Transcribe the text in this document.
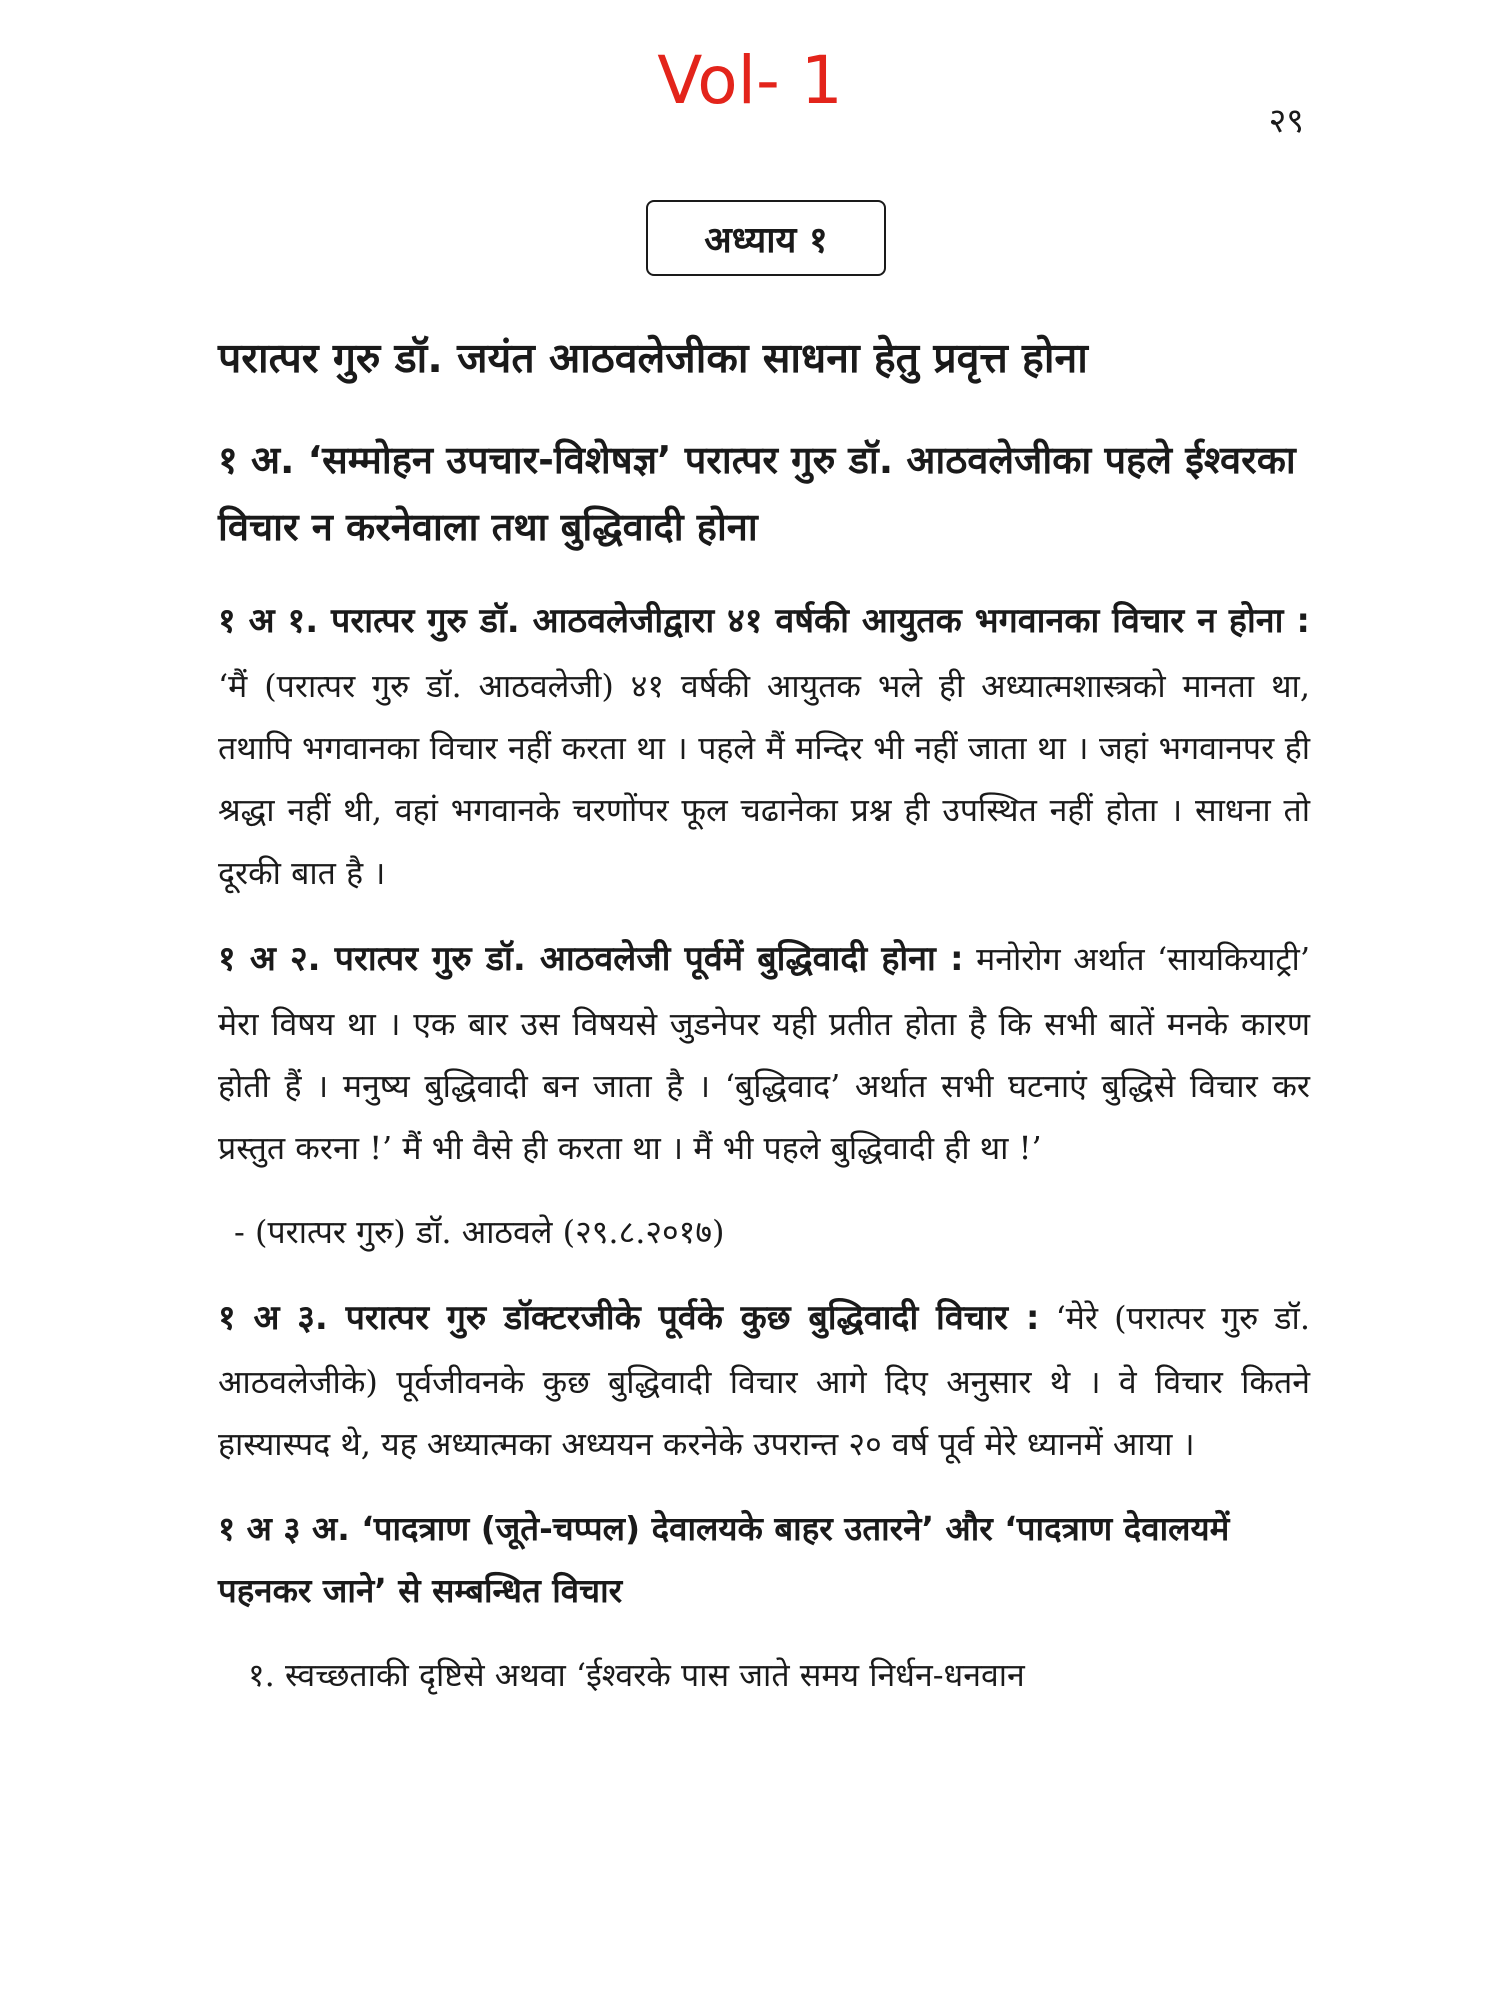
Vol- 1
२९
अध्याय १
परात्पर गुरु डॉ. जयंत आठवलेजीका साधना हेतु प्रवृत्त होना
१ अ. ‘सम्मोहन उपचार-विशेषज्ञ’ परात्पर गुरु डॉ. आठवलेजीका पहले ईश्वरका विचार न करनेवाला तथा बुद्धिवादी होना

१ अ १. परात्पर गुरु डॉ. आठवलेजीद्वारा ४१ वर्षकी आयुतक भगवानका विचार न होना : ‘मैं (परात्पर गुरु डॉ. आठवलेजी) ४१ वर्षकी आयुतक भले ही अध्यात्मशास्त्रको मानता था, तथापि भगवानका विचार नहीं करता था । पहले मैं मन्दिर भी नहीं जाता था । जहां भगवानपर ही श्रद्धा नहीं थी, वहां भगवानके चरणोंपर फूल चढानेका प्रश्न ही उपस्थित नहीं होता । साधना तो दूरकी बात है ।

१ अ २. परात्पर गुरु डॉ. आठवलेजी पूर्वमें बुद्धिवादी होना : मनोरोग अर्थात ‘सायकियाट्री’ मेरा विषय था । एक बार उस विषयसे जुडनेपर यही प्रतीत होता है कि सभी बातें मनके कारण होती हैं । मनुष्य बुद्धिवादी बन जाता है । ‘बुद्धिवाद’ अर्थात सभी घटनाएं बुद्धिसे विचार कर प्रस्तुत करना !’ मैं भी वैसे ही करता था । मैं भी पहले बुद्धिवादी ही था !’

- (परात्पर गुरु) डॉ. आठवले (२९.८.२०१७)

१ अ ३. परात्पर गुरु डॉक्टरजीके पूर्वके कुछ बुद्धिवादी विचार : ‘मेरे (परात्पर गुरु डॉ. आठवलेजीके) पूर्वजीवनके कुछ बुद्धिवादी विचार आगे दिए अनुसार थे । वे विचार कितने हास्यास्पद थे, यह अध्यात्मका अध्ययन करनेके उपरान्त २० वर्ष पूर्व मेरे ध्यानमें आया ।

१ अ ३ अ. ‘पादत्राण (जूते-चप्पल) देवालयके बाहर उतारने’ और ‘पादत्राण देवालयमें पहनकर जाने’ से सम्बन्धित विचार

१. स्वच्छताकी दृष्टिसे अथवा ‘ईश्वरके पास जाते समय निर्धन-धनवान
